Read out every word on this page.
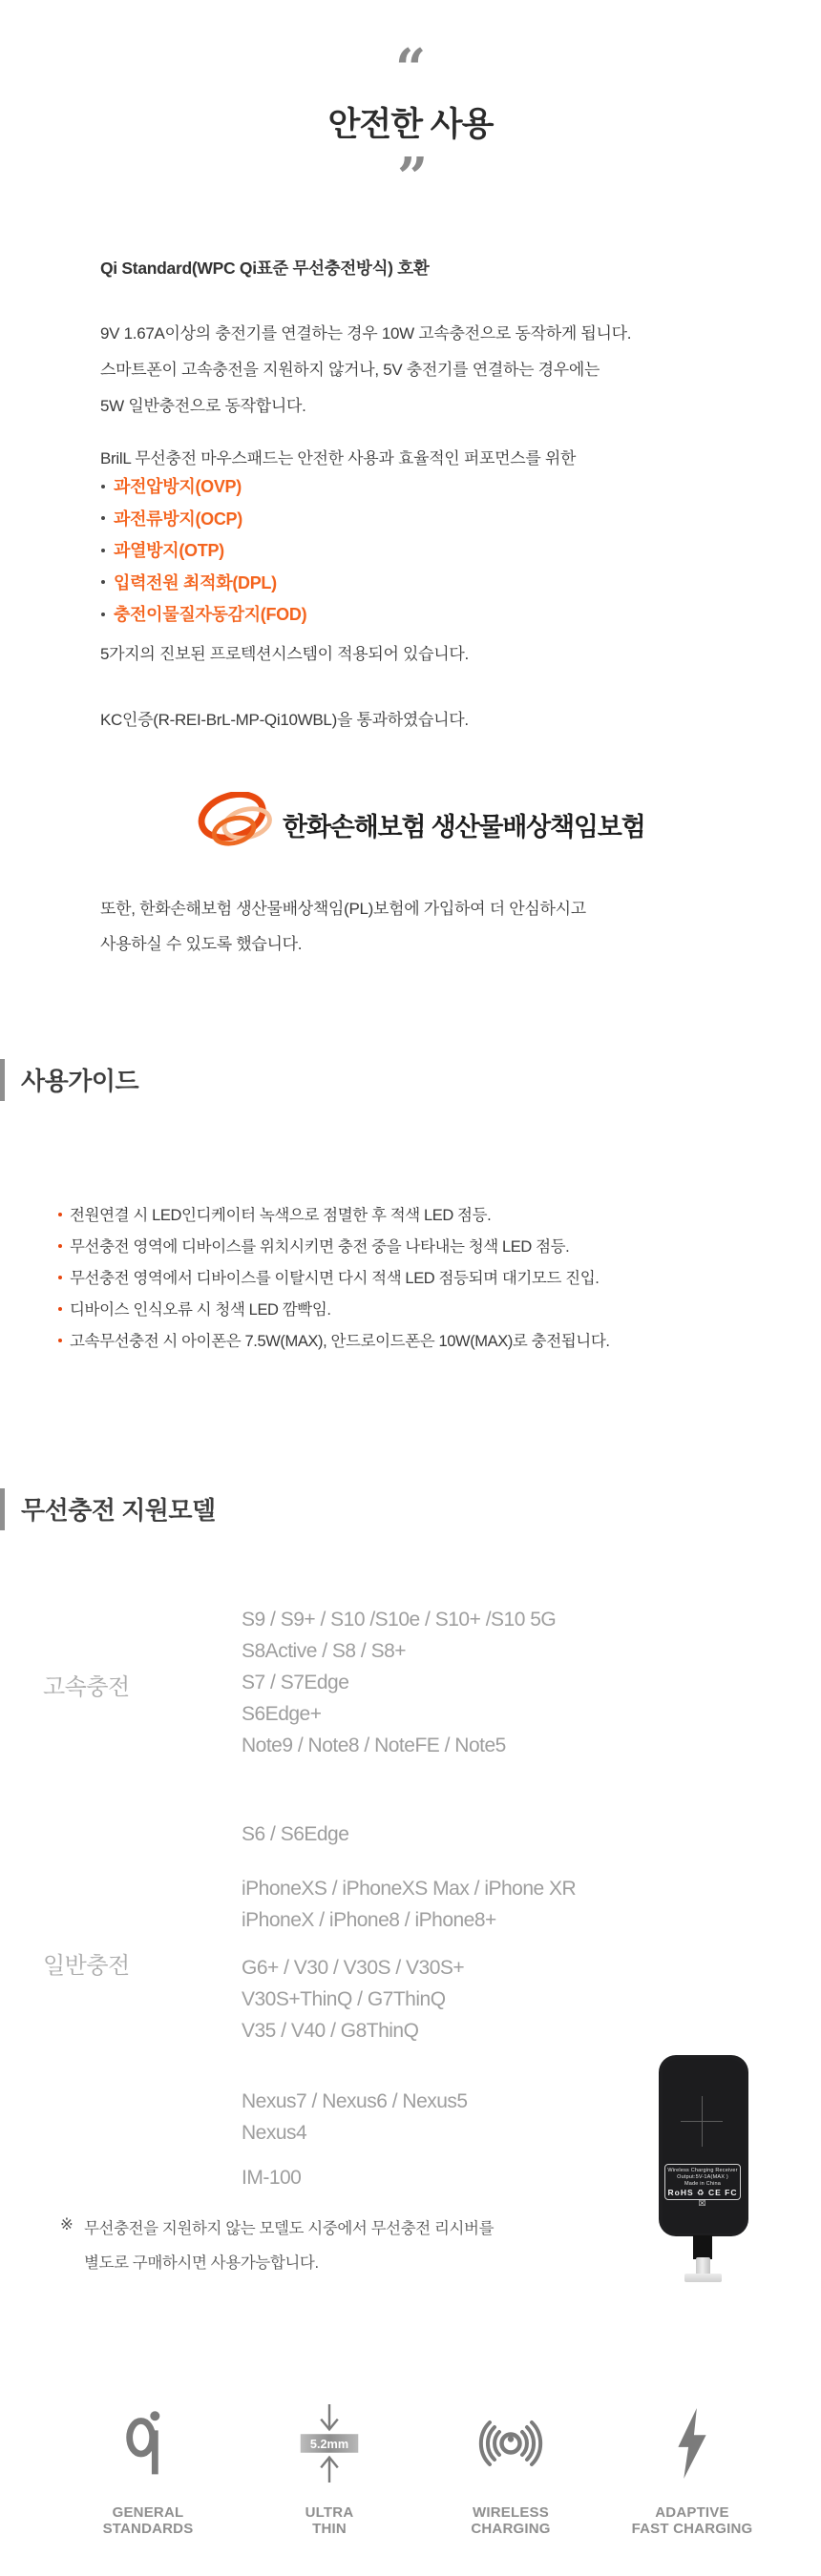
“
안전한 사용
”
Qi Standard(WPC Qi표준 무선충전방식) 호환
9V 1.67A이상의 충전기를 연결하는 경우 10W 고속충전으로 동작하게 됩니다.
스마트폰이 고속충전을 지원하지 않거나, 5V 충전기를 연결하는 경우에는
5W 일반충전으로 동작합니다.
BrilL 무선충전 마우스패드는 안전한 사용과 효율적인 퍼포먼스를 위한
과전압방지(OVP)
과전류방지(OCP)
과열방지(OTP)
입력전원 최적화(DPL)
충전이물질자동감지(FOD)
5가지의 진보된 프로텍션시스템이 적용되어 있습니다.
KC인증(R-REI-BrL-MP-Qi10WBL)을 통과하였습니다.
한화손해보험 생산물배상책임보험
또한, 한화손해보험 생산물배상책임(PL)보험에 가입하여 더 안심하시고
사용하실 수 있도록 했습니다.
사용가이드
전원연결 시 LED인디케이터 녹색으로 점멸한 후 적색 LED 점등.
무선충전 영역에 디바이스를 위치시키면 충전 중을 나타내는 청색 LED 점등.
무선충전 영역에서 디바이스를 이탈시면 다시 적색 LED 점등되며 대기모드 진입.
디바이스 인식오류 시 청색 LED 깜빡임.
고속무선충전 시 아이폰은 7.5W(MAX), 안드로이드폰은 10W(MAX)로 충전됩니다.
무선충전 지원모델
고속충전
S9 / S9+ / S10 /S10e / S10+ /S10 5G
S8Active / S8 / S8+
S7 / S7Edge
S6Edge+
Note9 / Note8 / NoteFE / Note5
일반충전
S6 / S6Edge
iPhoneXS / iPhoneXS Max / iPhone XR
iPhoneX / iPhone8 / iPhone8+
G6+ / V30 / V30S / V30S+
V30S+ThinQ / G7ThinQ
V35 / V40 / G8ThinQ
Nexus7 / Nexus6 / Nexus5
Nexus4
IM-100
※ 무선충전을 지원하지 않는 모델도 시중에서 무선충전 리시버를
별도로 구매하시면 사용가능합니다.
Wireless Charging Receiver
Output:5V-1A(MAX )
Made in China
RoHS ♻ CE FC ☒
GENERAL
STANDARDS
5.2mm
ULTRA
THIN
WIRELESS
CHARGING
ADAPTIVE
FAST CHARGING
